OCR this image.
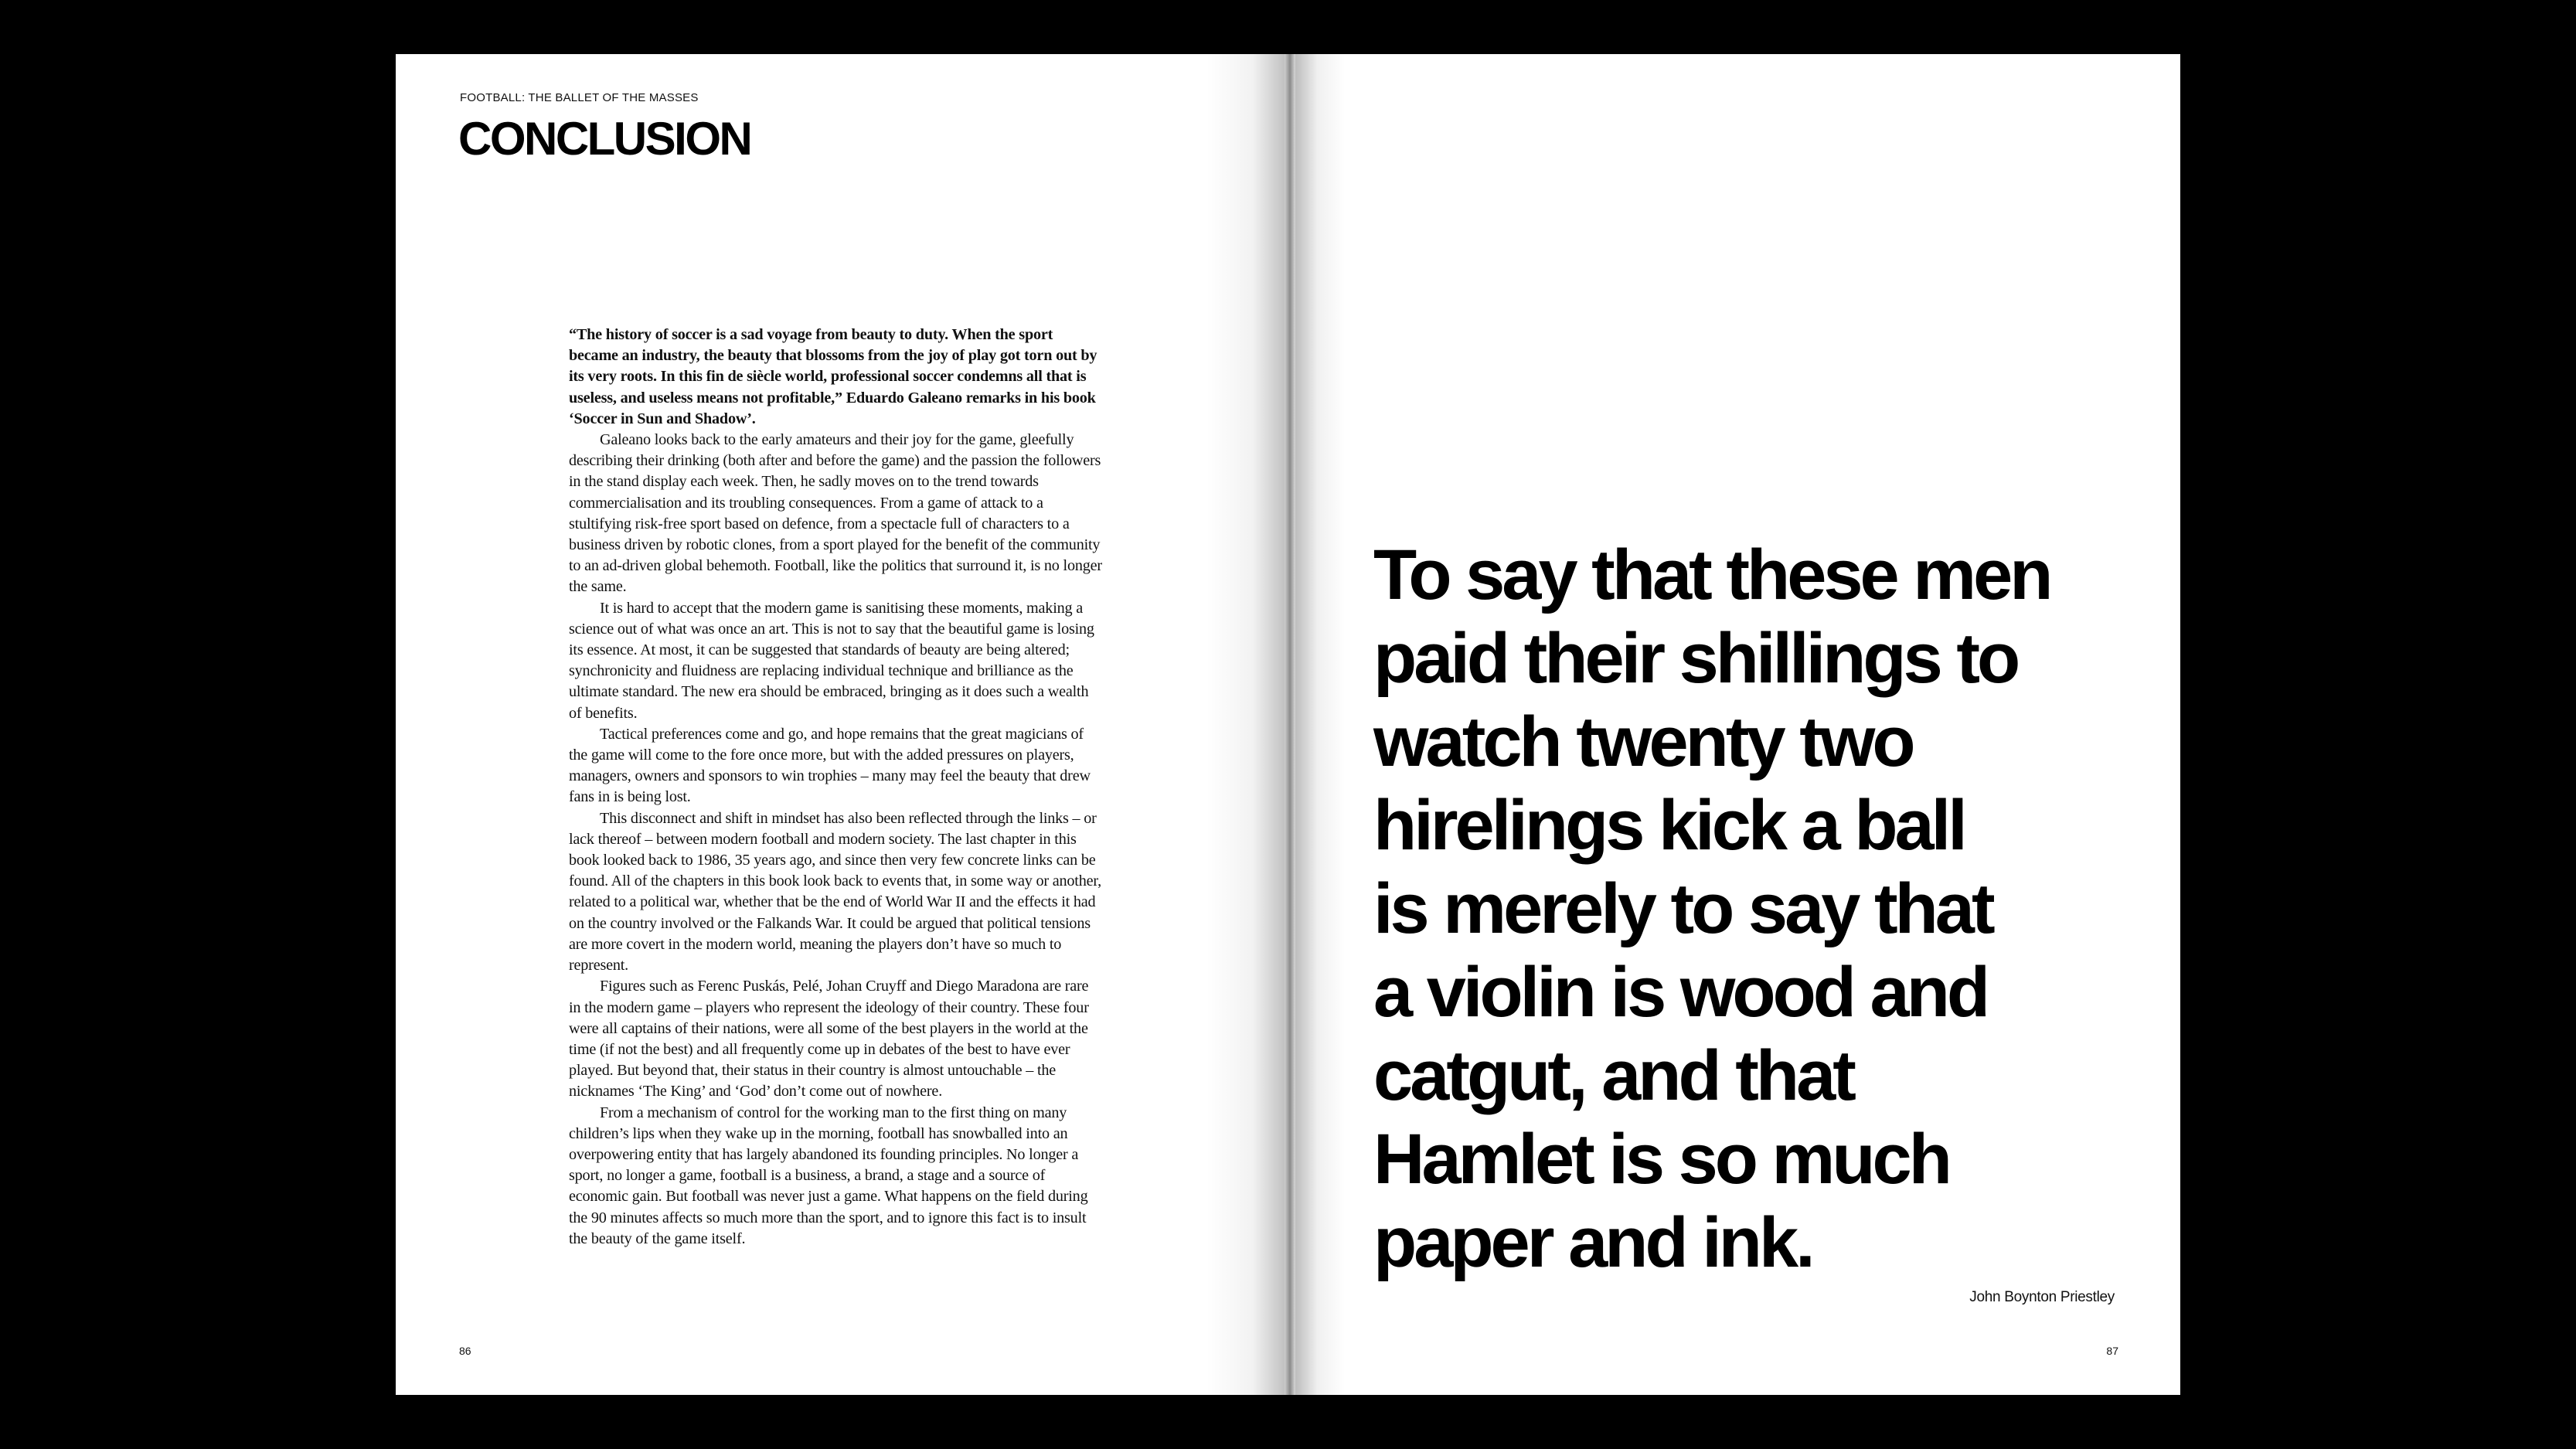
FOOTBALL: THE BALLET OF THE MASSES
CONCLUSION

“The history of soccer is a sad voyage from beauty to duty. When the sport became an industry, the beauty that blossoms from the joy of play got torn out by its very roots. In this fin de siècle world, professional soccer condemns all that is useless, and useless means not profitable,” Eduardo Galeano remarks in his book ‘Soccer in Sun and Shadow’.

Galeano looks back to the early amateurs and their joy for the game, gleefully describing their drinking (both after and before the game) and the passion the followers in the stand display each week. Then, he sadly moves on to the trend towards commercialisation and its troubling consequences. From a game of attack to a stultifying risk-free sport based on defence, from a spectacle full of characters to a business driven by robotic clones, from a sport played for the benefit of the community to an ad-driven global behemoth. Football, like the politics that surround it, is no longer the same.

It is hard to accept that the modern game is sanitising these moments, making a science out of what was once an art. This is not to say that the beautiful game is losing its essence. At most, it can be suggested that standards of beauty are being altered; synchronicity and fluidness are replacing individual technique and brilliance as the ultimate standard. The new era should be embraced, bringing as it does such a wealth of benefits.

Tactical preferences come and go, and hope remains that the great magicians of the game will come to the fore once more, but with the added pressures on players, managers, owners and sponsors to win trophies – many may feel the beauty that drew fans in is being lost.

This disconnect and shift in mindset has also been reflected through the links – or lack thereof – between modern football and modern society. The last chapter in this book looked back to 1986, 35 years ago, and since then very few concrete links can be found. All of the chapters in this book look back to events that, in some way or another, related to a political war, whether that be the end of World War II and the effects it had on the country involved or the Falkands War. It could be argued that political tensions are more covert in the modern world, meaning the players don’t have so much to represent.

Figures such as Ferenc Puskás, Pelé, Johan Cruyff and Diego Maradona are rare in the modern game – players who represent the ideology of their country. These four were all captains of their nations, were all some of the best players in the world at the time (if not the best) and all frequently come up in debates of the best to have ever played. But beyond that, their status in their country is almost untouchable – the nicknames ‘The King’ and ‘God’ don’t come out of nowhere.

From a mechanism of control for the working man to the first thing on many children’s lips when they wake up in the morning, football has snowballed into an overpowering entity that has largely abandoned its founding principles. No longer a sport, no longer a game, football is a business, a brand, a stage and a source of economic gain. But football was never just a game. What happens on the field during the 90 minutes affects so much more than the sport, and to ignore this fact is to insult the beauty of the game itself.

86
To say that these men
paid their shillings to
watch twenty two
hirelings kick a ball
is merely to say that
a violin is wood and
catgut, and that
Hamlet is so much
paper and ink.
John Boynton Priestley
87
